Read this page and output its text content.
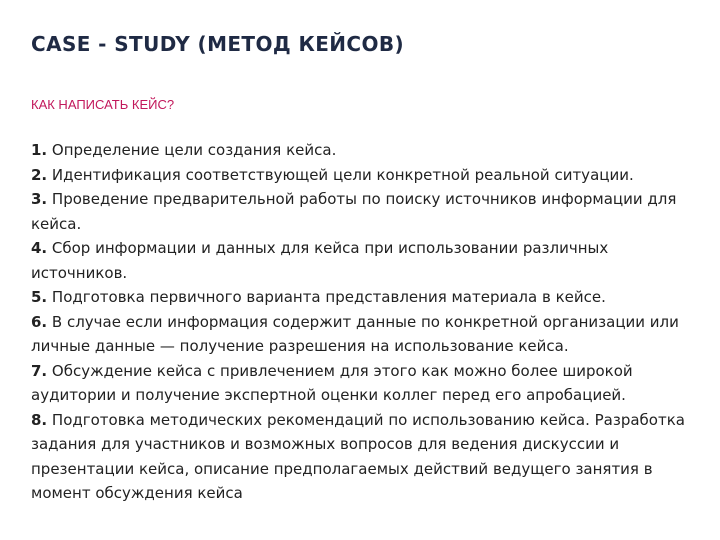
CASE - STUDY (МЕТОД КЕЙСОВ)
КАК НАПИСАТЬ КЕЙС?

1. Определение цели создания кейса.

2. Идентификация соответствующей цели конкретной реальной ситуации.

3. Проведение предварительной работы по поиску источников информации для кейса.

4. Сбор информации и данных для кейса при использовании различных источников.

5. Подготовка первичного варианта представления материала в кейсе.

6. В случае если информация содержит данные по конкретной организации или личные данные — получение разрешения на использование кейса.

7. Обсуждение кейса с привлечением для этого как можно более широкой аудитории и получение экспертной оценки коллег перед его апробацией.

8. Подготовка методических рекомендаций по использованию кейса. Разработка задания для участников и возможных вопросов для ведения дискуссии и презентации кейса, описание предполагаемых действий ведущего занятия в момент обсуждения кейса
